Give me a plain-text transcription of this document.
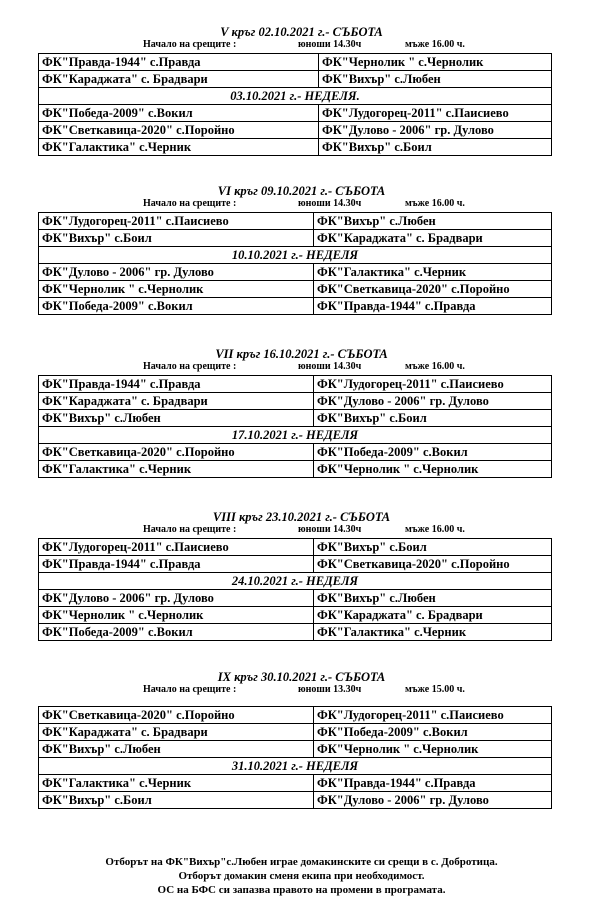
V кръг 02.10.2021 г.- СЪБОТА
Начало на срещите :	юноши 14.30ч	мъже 16.00 ч.
ФК"Правда-1944" с.Правда	ФК"Чернолик " с.Чернолик
ФК"Караджата" с. Брадвари	ФК"Вихър" с.Любен
03.10.2021 г.- НЕДЕЛЯ.	
ФК"Победа-2009" с.Вокил	ФК"Лудогорец-2011" с.Паисиево
ФК"Светкавица-2020" с.Поройно	ФК"Дулово - 2006" гр. Дулово
ФК"Галактика" с.Черник	ФК"Вихър" с.Боил
VI кръг 09.10.2021 г.- СЪБОТА
Начало на срещите :	юноши 14.30ч	мъже 16.00 ч.
ФК"Лудогорец-2011" с.Паисиево	ФК"Вихър" с.Любен
ФК"Вихър" с.Боил	ФК"Караджата" с. Брадвари
10.10.2021 г.- НЕДЕЛЯ	
ФК"Дулово - 2006" гр. Дулово	ФК"Галактика" с.Черник
ФК"Чернолик " с.Чернолик	ФК"Светкавица-2020" с.Поройно
ФК"Победа-2009" с.Вокил	ФК"Правда-1944" с.Правда
VII кръг 16.10.2021 г.- СЪБОТА
Начало на срещите :	юноши 14.30ч	мъже 16.00 ч.
ФК"Правда-1944" с.Правда	ФК"Лудогорец-2011" с.Паисиево
ФК"Караджата" с. Брадвари	ФК"Дулово - 2006" гр. Дулово
ФК"Вихър" с.Любен	ФК"Вихър" с.Боил
17.10.2021 г.- НЕДЕЛЯ	
ФК"Светкавица-2020" с.Поройно	ФК"Победа-2009" с.Вокил
ФК"Галактика" с.Черник	ФК"Чернолик " с.Чернолик
VIII кръг 23.10.2021 г.- СЪБОТА
Начало на срещите :	юноши 14.30ч	мъже 16.00 ч.
ФК"Лудогорец-2011" с.Паисиево	ФК"Вихър" с.Боил
ФК"Правда-1944" с.Правда	ФК"Светкавица-2020" с.Поройно
24.10.2021 г.- НЕДЕЛЯ	
ФК"Дулово - 2006" гр. Дулово	ФК"Вихър" с.Любен
ФК"Чернолик " с.Чернолик	ФК"Караджата" с. Брадвари
ФК"Победа-2009" с.Вокил	ФК"Галактика" с.Черник
IX кръг 30.10.2021 г.- СЪБОТА
Начало на срещите :	юноши 13.30ч	мъже 15.00 ч.
ФК"Светкавица-2020" с.Поройно	ФК"Лудогорец-2011" с.Паисиево
ФК"Караджата" с. Брадвари	ФК"Победа-2009" с.Вокил
ФК"Вихър" с.Любен	ФК"Чернолик " с.Чернолик
31.10.2021 г.- НЕДЕЛЯ	
ФК"Галактика" с.Черник	ФК"Правда-1944" с.Правда
ФК"Вихър" с.Боил	ФК"Дулово - 2006" гр. Дулово
Отборът на ФК"Вихър"с.Любен играе домакинските си срещи в с. Добротица.
Отборът домакин сменя екипа при необходимост.
ОС на БФС си запазва правото на промени в програмата.
